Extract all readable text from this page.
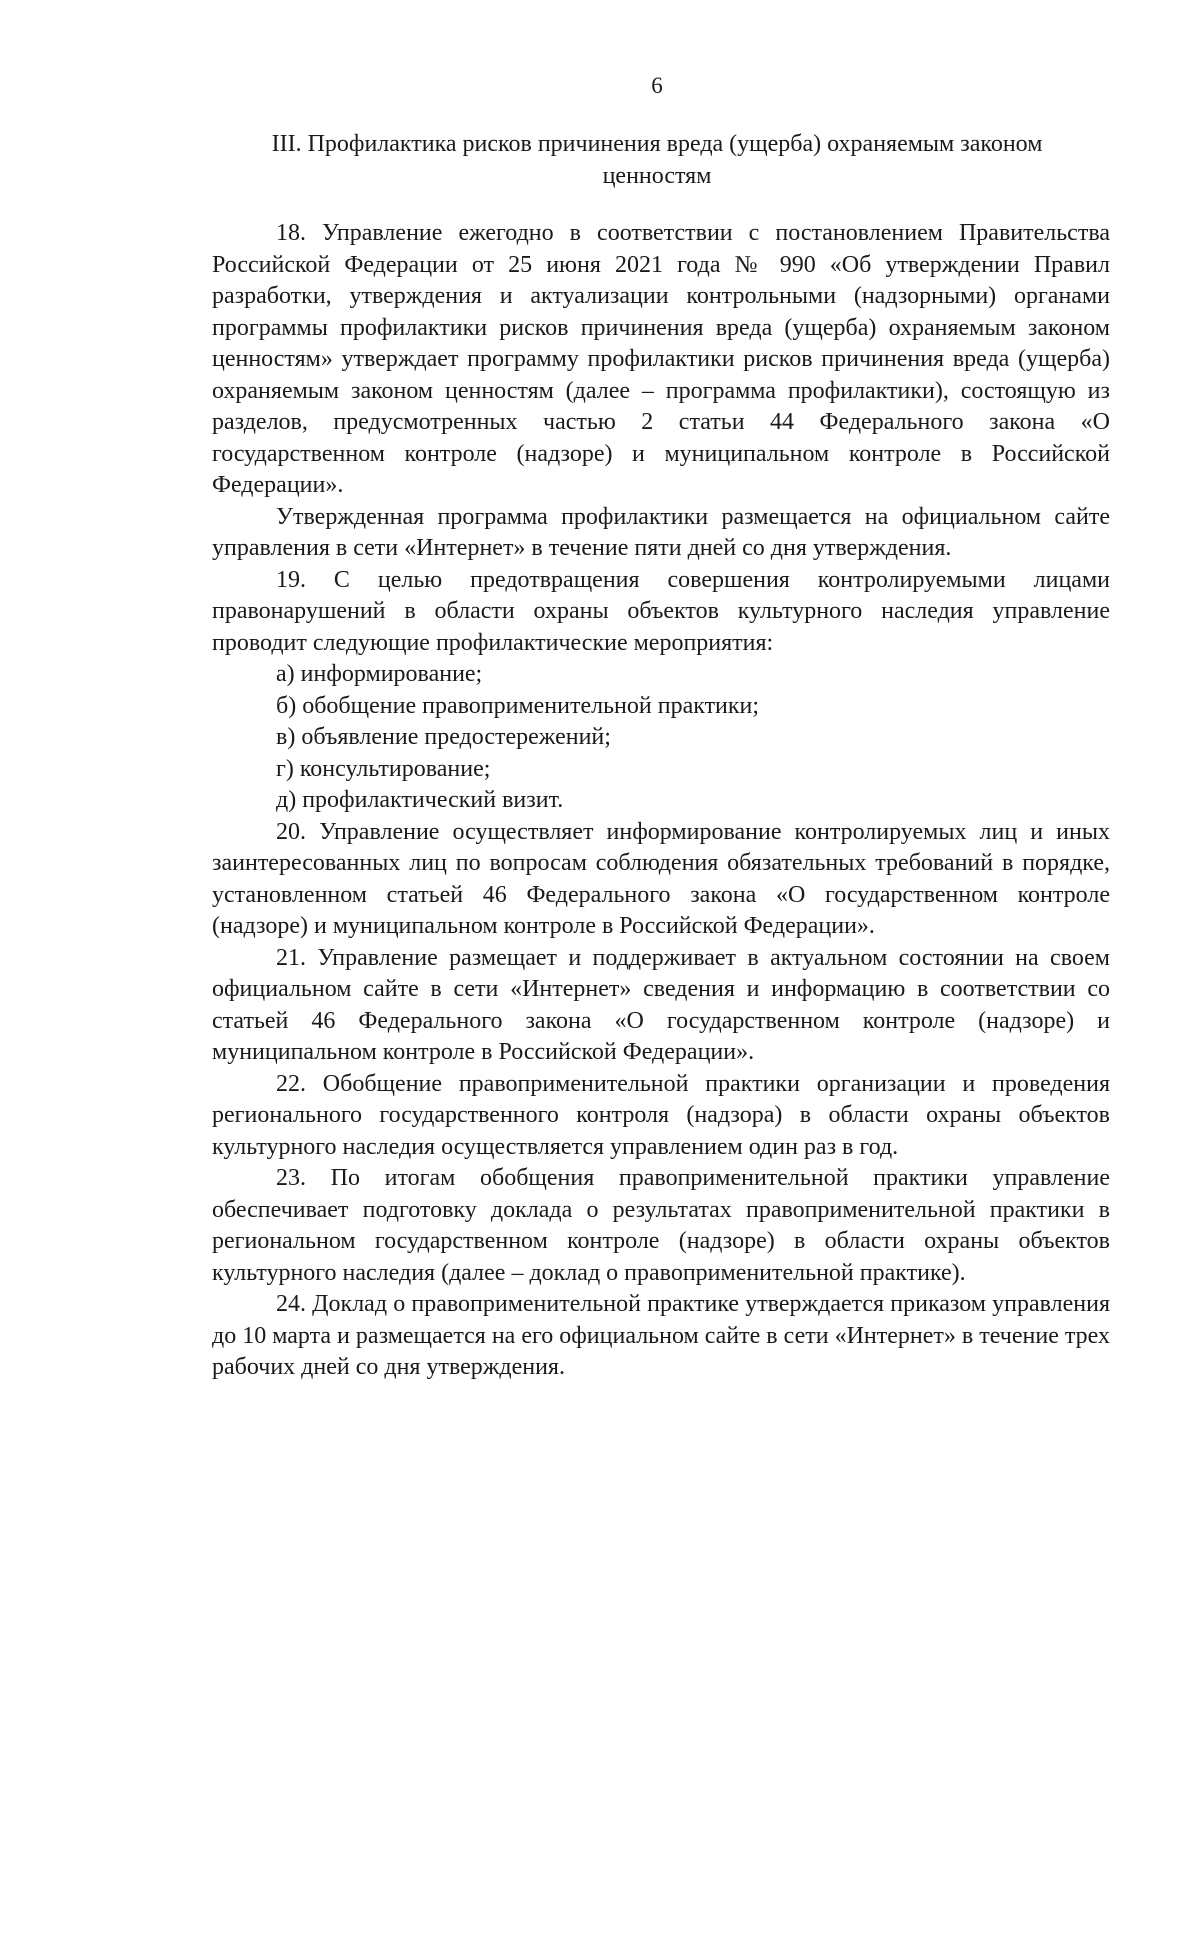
6
III. Профилактика рисков причинения вреда (ущерба) охраняемым законом
ценностям

18. Управление ежегодно в соответствии с постановлением Правительства Российской Федерации от 25 июня 2021 года № 990 «Об утверждении Правил разработки, утверждения и актуализации контрольными (надзорными) органами программы профилактики рисков причинения вреда (ущерба) охраняемым законом ценностям» утверждает программу профилактики рисков причинения вреда (ущерба) охраняемым законом ценностям (далее – программа профилактики), состоящую из разделов, предусмотренных частью 2 статьи 44 Федерального закона «О государственном контроле (надзоре) и муниципальном контроле в Российской Федерации».

Утвержденная программа профилактики размещается на официальном сайте управления в сети «Интернет» в течение пяти дней со дня утверждения.

19. С целью предотвращения совершения контролируемыми лицами правонарушений в области охраны объектов культурного наследия управление проводит следующие профилактические мероприятия:

а) информирование;

б) обобщение правоприменительной практики;

в) объявление предостережений;

г) консультирование;

д) профилактический визит.

20. Управление осуществляет информирование контролируемых лиц и иных заинтересованных лиц по вопросам соблюдения обязательных требований в порядке, установленном статьей 46 Федерального закона «О государственном контроле (надзоре) и муниципальном контроле в Российской Федерации».

21. Управление размещает и поддерживает в актуальном состоянии на своем официальном сайте в сети «Интернет» сведения и информацию в соответствии со статьей 46 Федерального закона «О государственном контроле (надзоре) и муниципальном контроле в Российской Федерации».

22. Обобщение правоприменительной практики организации и проведения регионального государственного контроля (надзора) в области охраны объектов культурного наследия осуществляется управлением один раз в год.

23. По итогам обобщения правоприменительной практики управление обеспечивает подготовку доклада о результатах правоприменительной практики в региональном государственном контроле (надзоре) в области охраны объектов культурного наследия (далее – доклад о правоприменительной практике).

24. Доклад о правоприменительной практике утверждается приказом управления до 10 марта и размещается на его официальном сайте в сети «Интернет» в течение трех рабочих дней со дня утверждения.
